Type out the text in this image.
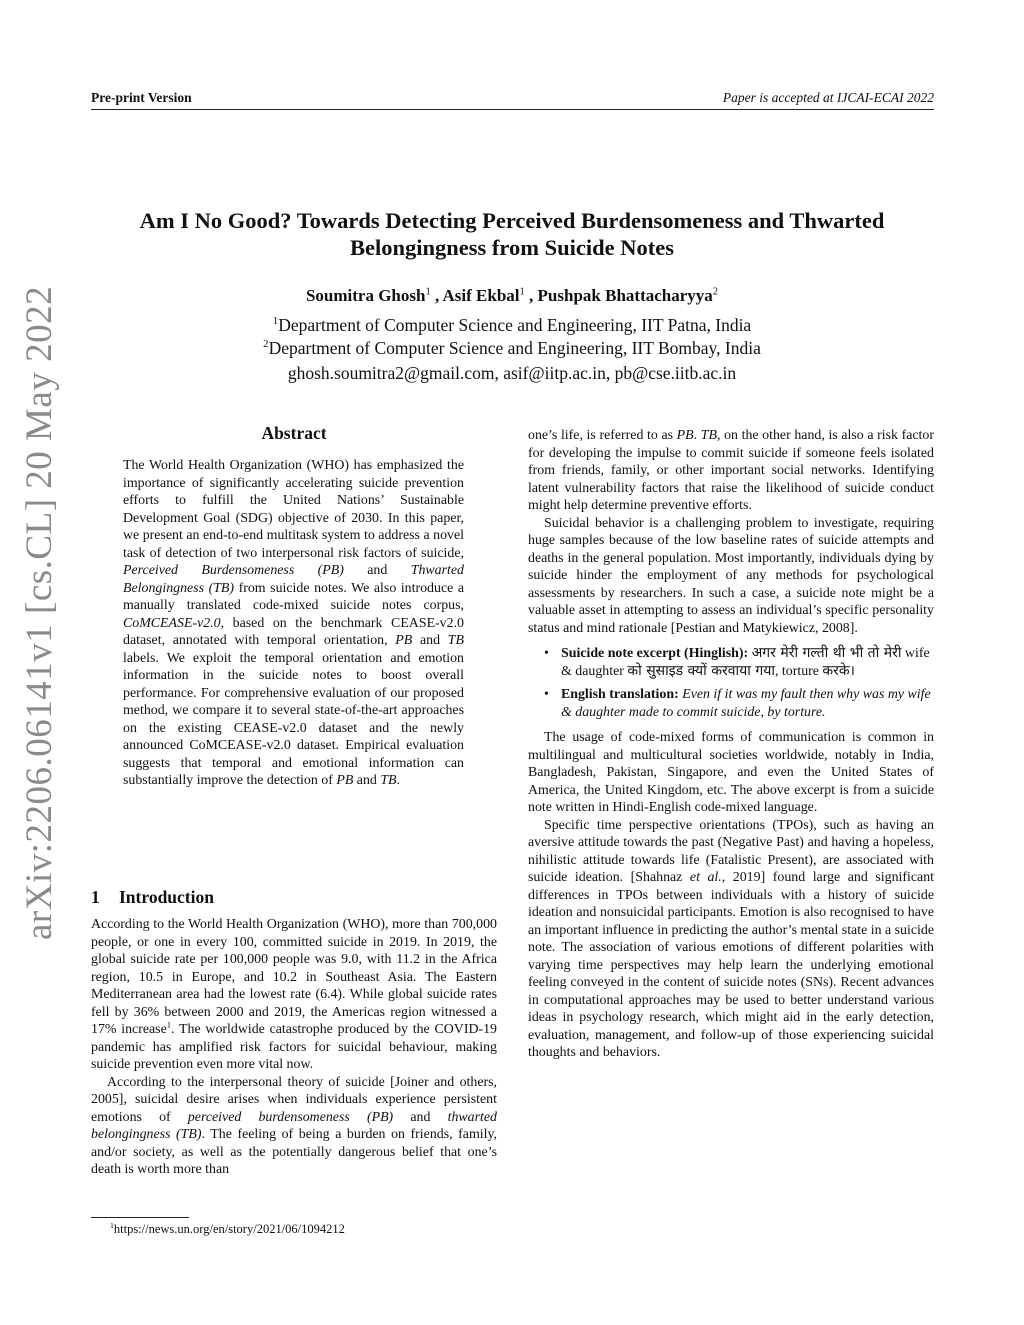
Pre-print Version	Paper is accepted at IJCAI-ECAI 2022
arXiv:2206.06141v1 [cs.CL] 20 May 2022
Am I No Good? Towards Detecting Perceived Burdensomeness and Thwarted
Belongingness from Suicide Notes
Soumitra Ghosh$^1$ , Asif Ekbal$^1$ , Pushpak Bhattacharyya$^2$
$^1$Department of Computer Science and Engineering, IIT Patna, India
$^2$Department of Computer Science and Engineering, IIT Bombay, India
ghosh.soumitra2@gmail.com, asif@iitp.ac.in, pb@cse.iitb.ac.in
Abstract

The World Health Organization (WHO) has emphasized the importance of significantly accelerating suicide prevention efforts to fulfill the United Nations’ Sustainable Development Goal (SDG) objective of 2030. In this paper, we present an end-to-end multitask system to address a novel task of detection of two interpersonal risk factors of suicide, Perceived Burdensomeness (PB) and Thwarted Belongingness (TB) from suicide notes. We also introduce a manually translated code-mixed suicide notes corpus, CoMCEASE-v2.0, based on the benchmark CEASE-v2.0 dataset, annotated with temporal orientation, PB and TB labels. We exploit the temporal orientation and emotion information in the suicide notes to boost overall performance. For comprehensive evaluation of our proposed method, we compare it to several state-of-the-art approaches on the existing CEASE-v2.0 dataset and the newly announced CoMCEASE-v2.0 dataset. Empirical evaluation suggests that temporal and emotional information can substantially improve the detection of PB and TB.

1 Introduction

According to the World Health Organization (WHO), more than 700,000 people, or one in every 100, committed suicide in 2019. In 2019, the global suicide rate per 100,000 people was 9.0, with 11.2 in the Africa region, 10.5 in Europe, and 10.2 in Southeast Asia. The Eastern Mediterranean area had the lowest rate (6.4). While global suicide rates fell by 36% between 2000 and 2019, the Americas region witnessed a 17% increase$^1$. The worldwide catastrophe produced by the COVID-19 pandemic has amplified risk factors for suicidal behaviour, making suicide prevention even more vital now.

According to the interpersonal theory of suicide [Joiner and others, 2005], suicidal desire arises when individuals experience persistent emotions of perceived burdensomeness (PB) and thwarted belongingness (TB). The feeling of being a burden on friends, family, and/or society, as well as the potentially dangerous belief that one’s death is worth more than

$^1$https://news.un.org/en/story/2021/06/1094212

one’s life, is referred to as PB. TB, on the other hand, is also a risk factor for developing the impulse to commit suicide if someone feels isolated from friends, family, or other important social networks. Identifying latent vulnerability factors that raise the likelihood of suicide conduct might help determine preventive efforts.

Suicidal behavior is a challenging problem to investigate, requiring huge samples because of the low baseline rates of suicide attempts and deaths in the general population. Most importantly, individuals dying by suicide hinder the employment of any methods for psychological assessments by researchers. In such a case, a suicide note might be a valuable asset in attempting to assess an individual’s specific personality status and mind rationale [Pestian and Matykiewicz, 2008].

• Suicide note excerpt (Hinglish): अगर मेरी गल्ती थी भी तो मेरी wife & daughter को सुसाइड क्यों करवाया गया, torture करके।
• English translation: Even if it was my fault then why was my wife & daughter made to commit suicide, by torture.

The usage of code-mixed forms of communication is common in multilingual and multicultural societies worldwide, notably in India, Bangladesh, Pakistan, Singapore, and even the United States of America, the United Kingdom, etc. The above excerpt is from a suicide note written in Hindi-English code-mixed language.

Specific time perspective orientations (TPOs), such as having an aversive attitude towards the past (Negative Past) and having a hopeless, nihilistic attitude towards life (Fatalistic Present), are associated with suicide ideation. [Shahnaz et al., 2019] found large and significant differences in TPOs between individuals with a history of suicide ideation and nonsuicidal participants. Emotion is also recognised to have an important influence in predicting the author’s mental state in a suicide note. The association of various emotions of different polarities with varying time perspectives may help learn the underlying emotional feeling conveyed in the content of suicide notes (SNs). Recent advances in computational approaches may be used to better understand various ideas in psychology research, which might aid in the early detection, evaluation, management, and follow-up of those experiencing suicidal thoughts and behaviors.
